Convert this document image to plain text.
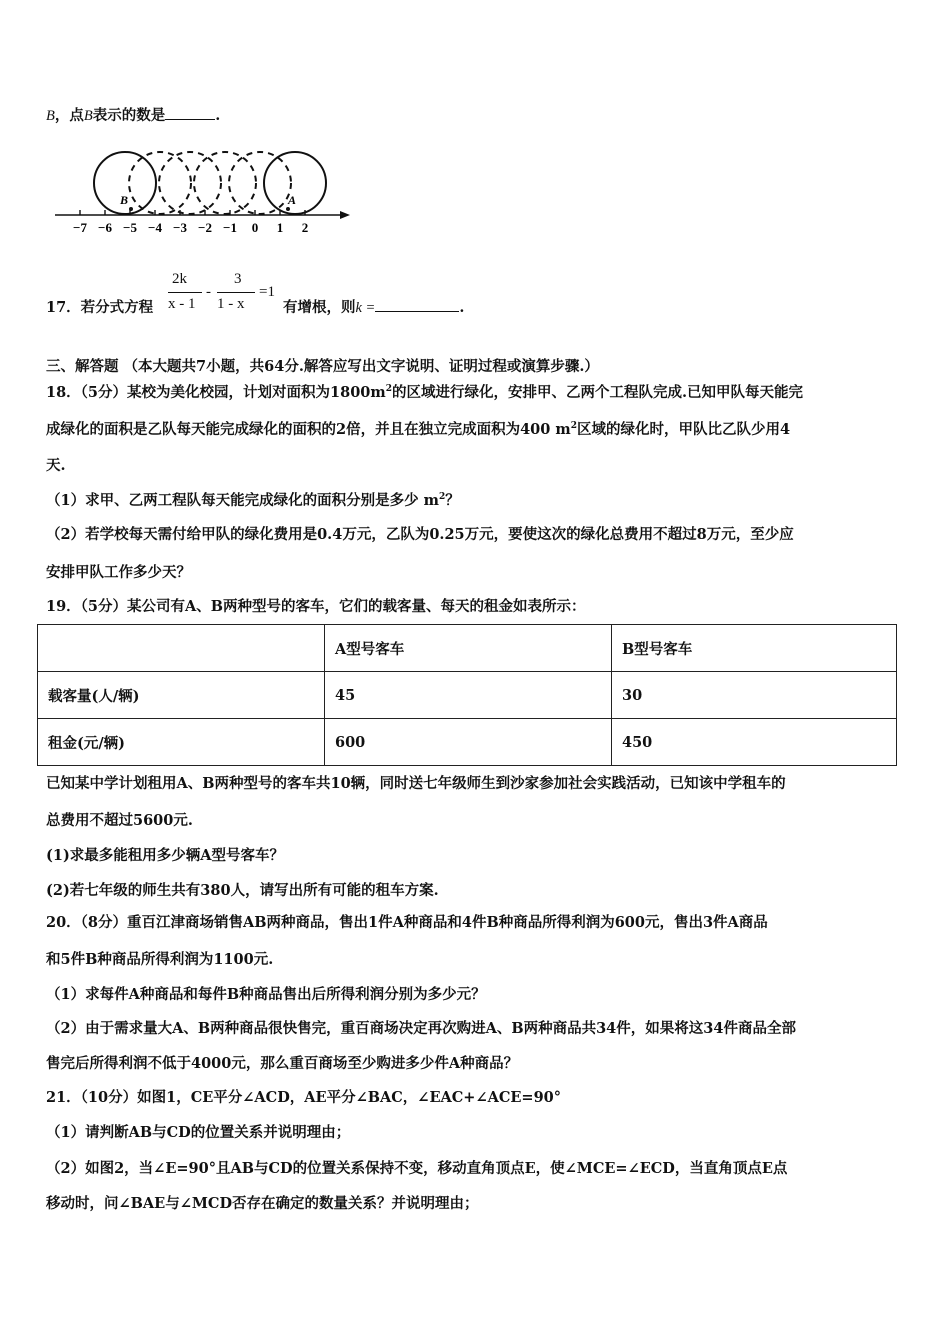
B，点B表示的数是	.
B	A
−7 −6 −5 −4 −3 −2 −1 0 1 2
17．若分式方程
2k
x - 1
-
3
1 - x
=1
有增根，则k =	.
三、解答题 （本大题共7小题，共64分.解答应写出文字说明、证明过程或演算步骤.）
18．（5分）某校为美化校园，计划对面积为$1800m^2$的区域进行绿化，安排甲、乙两个工程队完成.已知甲队每天能完
成绿化的面积是乙队每天能完成绿化的面积的2倍，并且在独立完成面积为400 $m^2$区域的绿化时，甲队比乙队少用4
天.
（1）求甲、乙两工程队每天能完成绿化的面积分别是多少 $m^2$？
（2）若学校每天需付给甲队的绿化费用是0.4万元，乙队为0.25万元，要使这次的绿化总费用不超过8万元，至少应
安排甲队工作多少天？
19．（5分）某公司有A、B两种型号的客车，它们的载客量、每天的租金如表所示：
	A型号客车	B型号客车
载客量(人/辆)	45	30
租金(元/辆)	600	450
已知某中学计划租用A、B两种型号的客车共10辆，同时送七年级师生到沙家参加社会实践活动，已知该中学租车的
总费用不超过5600元.
(1)求最多能租用多少辆A型号客车？
(2)若七年级的师生共有380人，请写出所有可能的租车方案.
20．（8分）重百江津商场销售AB两种商品，售出1件A种商品和4件B种商品所得利润为600元，售出3件A商品
和5件B种商品所得利润为1100元.
（1）求每件A种商品和每件B种商品售出后所得利润分别为多少元？
（2）由于需求量大A、B两种商品很快售完，重百商场决定再次购进A、B两种商品共34件，如果将这34件商品全部
售完后所得利润不低于4000元，那么重百商场至少购进多少件A种商品？
21．（10分）如图1，CE平分∠ACD，AE平分∠BAC，∠EAC+∠ACE=90°
（1）请判断AB与CD的位置关系并说明理由；
（2）如图2，当∠E=90°且AB与CD的位置关系保持不变，移动直角顶点E，使∠MCE=∠ECD，当直角顶点E点
移动时，问∠BAE与∠MCD否存在确定的数量关系？并说明理由；
